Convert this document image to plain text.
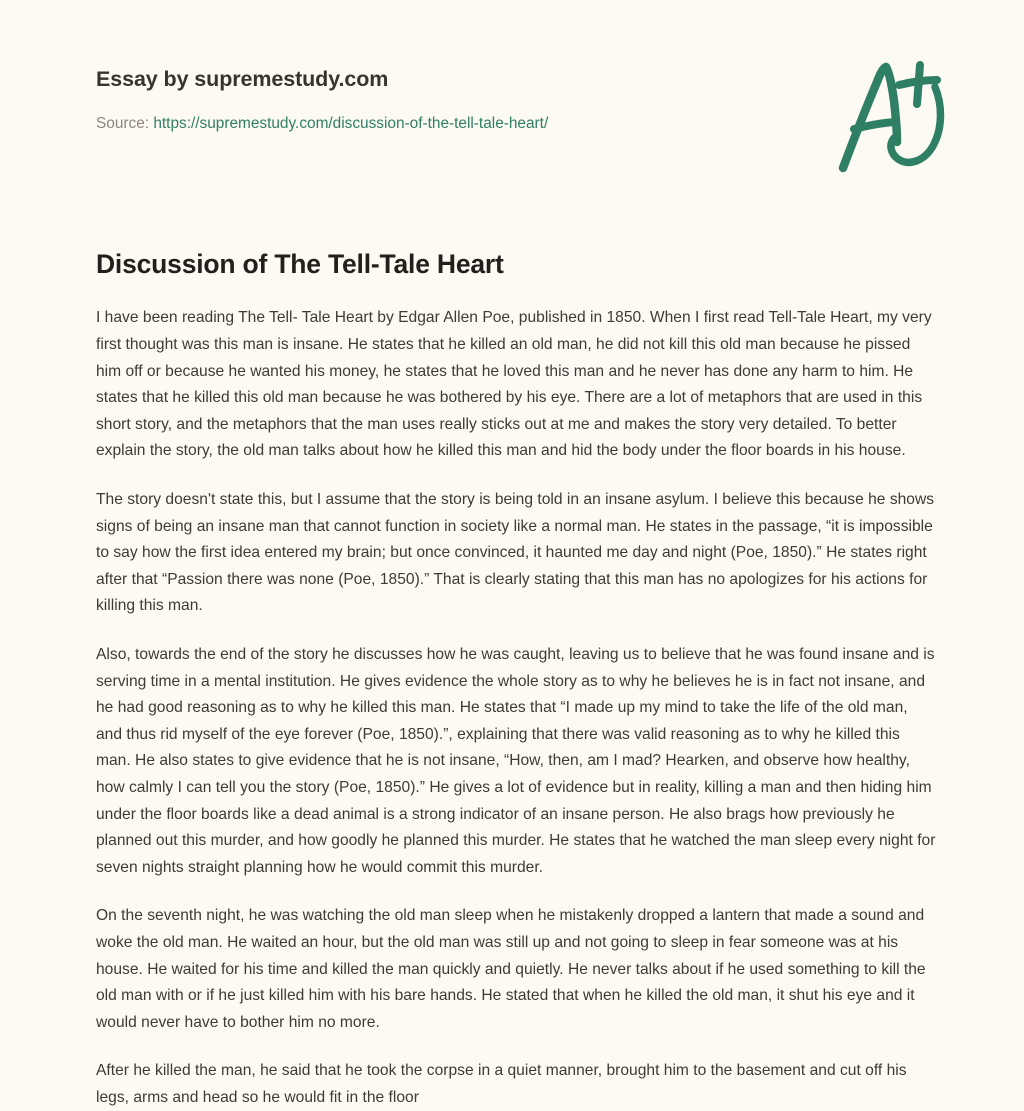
Essay by supremestudy.com
Source: https://supremestudy.com/discussion-of-the-tell-tale-heart/
Discussion of The Tell-Tale Heart

I have been reading The Tell- Tale Heart by Edgar Allen Poe, published in 1850. When I first read Tell-Tale Heart, my very first thought was this man is insane. He states that he killed an old man, he did not kill this old man because he pissed him off or because he wanted his money, he states that he loved this man and he never has done any harm to him. He states that he killed this old man because he was bothered by his eye. There are a lot of metaphors that are used in this short story, and the metaphors that the man uses really sticks out at me and makes the story very detailed. To better explain the story, the old man talks about how he killed this man and hid the body under the floor boards in his house.

The story doesn't state this, but I assume that the story is being told in an insane asylum. I believe this because he shows signs of being an insane man that cannot function in society like a normal man. He states in the passage, “it is impossible to say how the first idea entered my brain; but once convinced, it haunted me day and night (Poe, 1850).” He states right after that “Passion there was none (Poe, 1850).” That is clearly stating that this man has no apologizes for his actions for killing this man.

Also, towards the end of the story he discusses how he was caught, leaving us to believe that he was found insane and is serving time in a mental institution. He gives evidence the whole story as to why he believes he is in fact not insane, and he had good reasoning as to why he killed this man. He states that “I made up my mind to take the life of the old man, and thus rid myself of the eye forever (Poe, 1850).”, explaining that there was valid reasoning as to why he killed this man. He also states to give evidence that he is not insane, “How, then, am I mad? Hearken, and observe how healthy, how calmly I can tell you the story (Poe, 1850).” He gives a lot of evidence but in reality, killing a man and then hiding him under the floor boards like a dead animal is a strong indicator of an insane person. He also brags how previously he planned out this murder, and how goodly he planned this murder. He states that he watched the man sleep every night for seven nights straight planning how he would commit this murder.

On the seventh night, he was watching the old man sleep when he mistakenly dropped a lantern that made a sound and woke the old man. He waited an hour, but the old man was still up and not going to sleep in fear someone was at his house. He waited for his time and killed the man quickly and quietly. He never talks about if he used something to kill the old man with or if he just killed him with his bare hands. He stated that when he killed the old man, it shut his eye and it would never have to bother him no more.

After he killed the man, he said that he took the corpse in a quiet manner, brought him to the basement and cut off his legs, arms and head so he would fit in the floor
